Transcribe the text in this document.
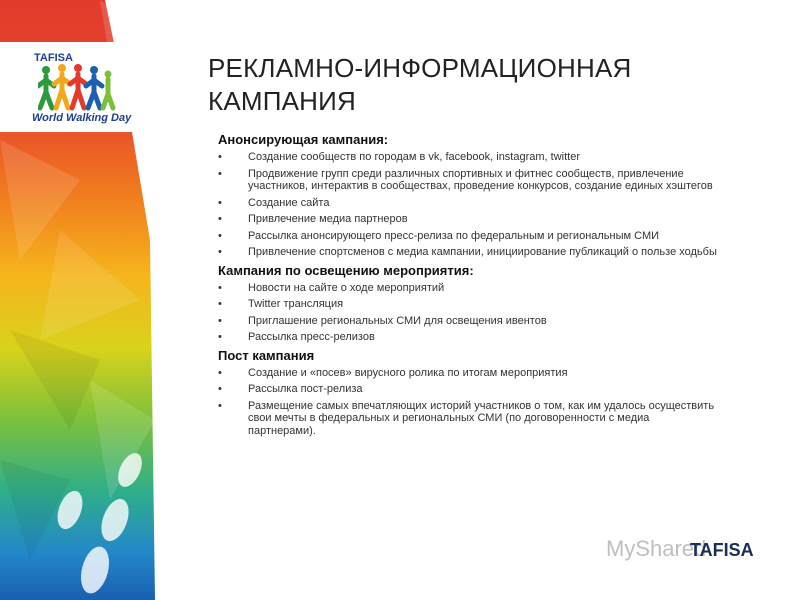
TAFISA
World Walking Day
РЕКЛАМНО-ИНФОРМАЦИОННАЯ КАМПАНИЯ
Анонсирующая кампания:
• Создание сообществ по городам в vk, facebook, instagram, twitter
• Продвижение групп среди различных спортивных и фитнес сообществ, привлечение участников, интерактив в сообществах, проведение конкурсов, создание единых хэштегов
• Создание сайта
• Привлечение медиа партнеров
• Рассылка анонсирующего пресс-релиза по федеральным и региональным СМИ
• Привлечение спортсменов с медиа кампании, инициирование публикаций о пользе ходьбы
Кампания по освещению мероприятия:
• Новости на сайте о ходе мероприятий
• Twitter трансляция
• Приглашение региональных СМИ для освещения ивентов
• Рассылка пресс-релизов
Пост кампания
• Создание и «посев» вирусного ролика по итогам мероприятия
• Рассылка пост-релиза
• Размещение самых впечатляющих историй участников о том, как им удалось осуществить свои мечты в федеральных и региональных СМИ (по договоренности с медиа партнерами).
MyShared
TAFISA
